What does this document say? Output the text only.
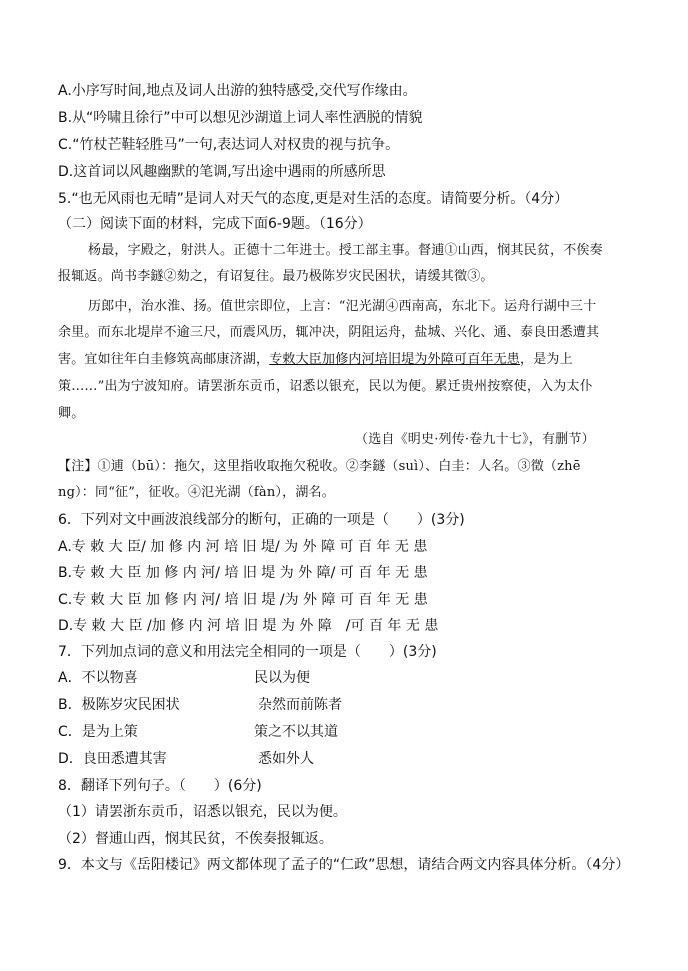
A.小序写时间,地点及词人出游的独特感受,交代写作缘由。
B.从“吟啸且徐行”中可以想见沙湖道上词人率性洒脱的情貌
C.“竹杖芒鞋轻胜马”一句,表达词人对权贵的视与抗争。
D.这首词以风趣幽默的笔调,写出途中遇雨的所感所思
5.“也无风雨也无晴”是词人对天气的态度,更是对生活的态度。请简要分析。（4分）
（二）阅读下面的材料，完成下面6-9题。（16分）
杨最，字殿之，射洪人。正德十二年进士。授工部主事。督逋①山西，悯其民贫，不俟奏
报辄返。尚书李鐩②劾之，有诏复往。最乃极陈岁灾民困状，请缓其徵③。
历郎中，治水淮、扬。值世宗即位，上言：“氾光湖④西南高，东北下。运舟行湖中三十
余里。而东北堤岸不逾三尺，而震风历，辄冲决，阴阻运舟，盐城、兴化、通、泰良田悉遭其
害。宜如往年白圭修筑高邮康济湖，专敕大臣加修内河培旧堤为外障可百年无患，是为上
策……”出为宁波知府。请罢浙东贡币，诏悉以银充，民以为便。累迁贵州按察使，入为太仆
卿。
（选自《明史·列传·卷九十七》，有删节）
【注】①逋（bū）：拖欠，这里指收取拖欠税收。②李鐩（suì）、白圭：人名。③徵（zhē
ng）：同“征”，征收。④氾光湖（fàn），湖名。
6．下列对文中画波浪线部分的断句，正确的一项是（　　）(3分)
A.专 敕 大 臣/ 加 修 内 河 培 旧 堤/ 为 外 障 可 百 年 无 患
B.专 敕 大 臣 加 修 内 河/ 培 旧 堤 为 外 障/ 可 百 年 无 患
C.专 敕 大 臣 加 修 内 河/ 培 旧 堤 /为 外 障 可 百 年 无 患
D.专 敕 大 臣 /加 修 内 河 培 旧 堤 为 外 障　/可 百 年 无 患
7．下列加点词的意义和用法完全相同的一项是（　　）(3分)
A．不以物喜	民以为便
B．极陈岁灾民困状	杂然而前陈者
C．是为上策	策之不以其道
D．良田悉遭其害	悉如外人
8．翻译下列句子。（　　）(6分)
（1）请罢浙东贡币，诏悉以银充，民以为便。
（2）督逋山西，悯其民贫，不俟奏报辄返。
9．本文与《岳阳楼记》两文都体现了孟子的“仁政”思想，请结合两文内容具体分析。（4分）
